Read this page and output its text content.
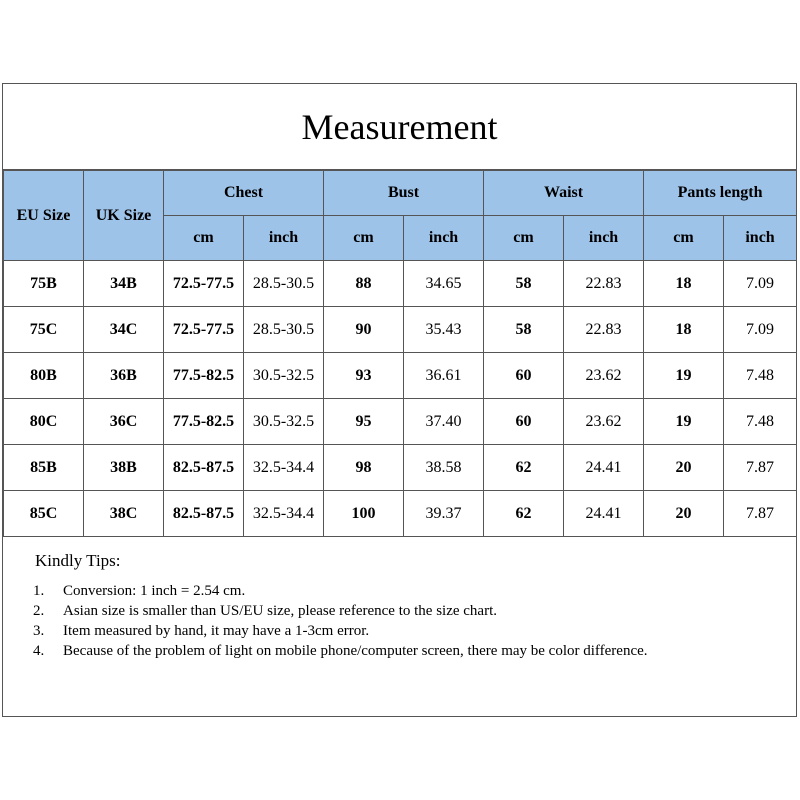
Measurement
EU Size	UK Size	Chest		Bust		Waist		Pants length	
		cm	inch	cm	inch	cm	inch	cm	inch
75B	34B	72.5-77.5	28.5-30.5	88	34.65	58	22.83	18	7.09
75C	34C	72.5-77.5	28.5-30.5	90	35.43	58	22.83	18	7.09
80B	36B	77.5-82.5	30.5-32.5	93	36.61	60	23.62	19	7.48
80C	36C	77.5-82.5	30.5-32.5	95	37.40	60	23.62	19	7.48
85B	38B	82.5-87.5	32.5-34.4	98	38.58	62	24.41	20	7.87
85C	38C	82.5-87.5	32.5-34.4	100	39.37	62	24.41	20	7.87
Kindly Tips:
1. Conversion: 1 inch = 2.54 cm.
2. Asian size is smaller than US/EU size, please reference to the size chart.
3. Item measured by hand, it may have a 1-3cm error.
4. Because of the problem of light on mobile phone/computer screen, there may be color difference.
